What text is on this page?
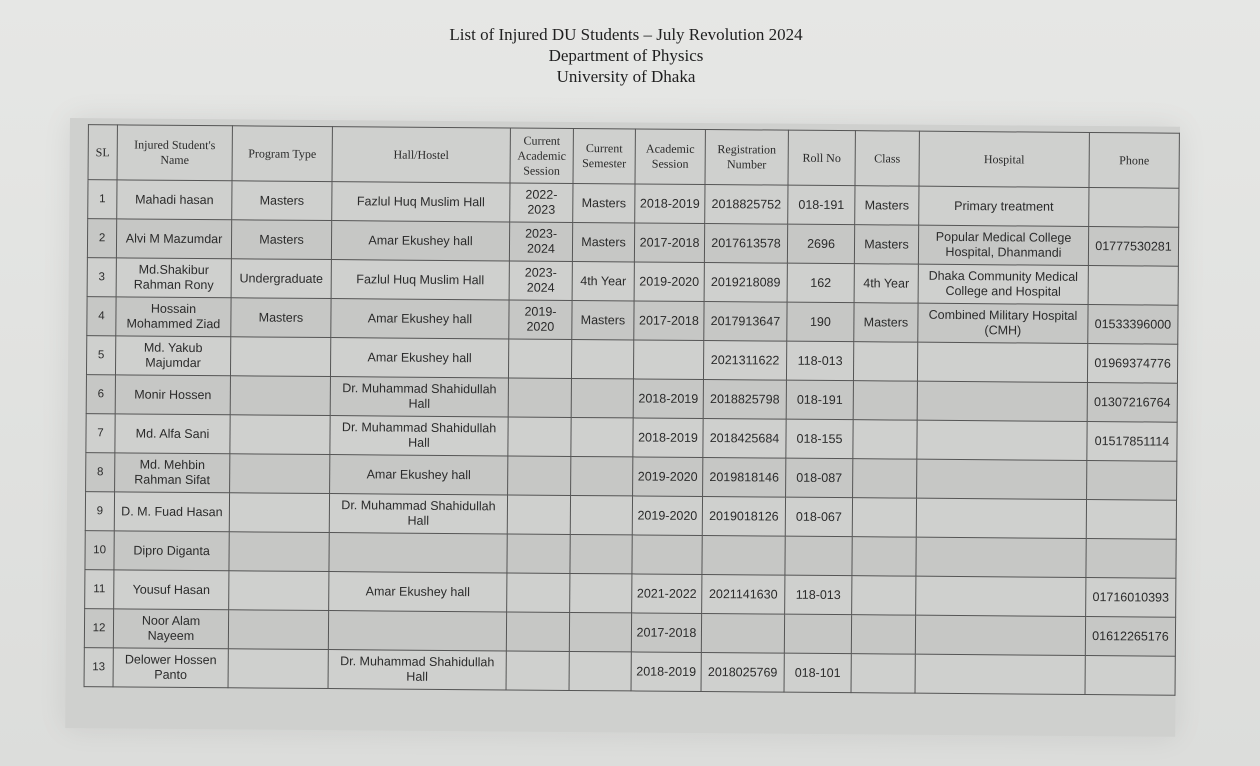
List of Injured DU Students – July Revolution 2024
Department of Physics
University of Dhaka
SL	Injured Student's Name	Program Type	Hall/Hostel	Current Academic Session	Current Semester	Academic Session	Registration Number	Roll No	Class	Hospital	Phone
1	Mahadi hasan	Masters	Fazlul Huq Muslim Hall	2022-2023	Masters	2018-2019	2018825752	018-191	Masters	Primary treatment	
2	Alvi M Mazumdar	Masters	Amar Ekushey hall	2023-2024	Masters	2017-2018	2017613578	2696	Masters	Popular Medical College Hospital, Dhanmandi	01777530281
3	Md.Shakibur Rahman Rony	Undergraduate	Fazlul Huq Muslim Hall	2023-2024	4th Year	2019-2020	2019218089	162	4th Year	Dhaka Community Medical College and Hospital	
4	Hossain Mohammed Ziad	Masters	Amar Ekushey hall	2019-2020	Masters	2017-2018	2017913647	190	Masters	Combined Military Hospital (CMH)	01533396000
5	Md. Yakub Majumdar		Amar Ekushey hall				2021311622	118-013			01969374776
6	Monir Hossen		Dr. Muhammad Shahidullah Hall			2018-2019	2018825798	018-191			01307216764
7	Md. Alfa Sani		Dr. Muhammad Shahidullah Hall			2018-2019	2018425684	018-155			01517851114
8	Md. Mehbin Rahman Sifat		Amar Ekushey hall			2019-2020	2019818146	018-087			
9	D. M. Fuad Hasan		Dr. Muhammad Shahidullah Hall			2019-2020	2019018126	018-067			
10	Dipro Diganta										
11	Yousuf Hasan		Amar Ekushey hall			2021-2022	2021141630	118-013			01716010393
12	Noor Alam Nayeem					2017-2018					01612265176
13	Delower Hossen Panto		Dr. Muhammad Shahidullah Hall			2018-2019	2018025769	018-101			
